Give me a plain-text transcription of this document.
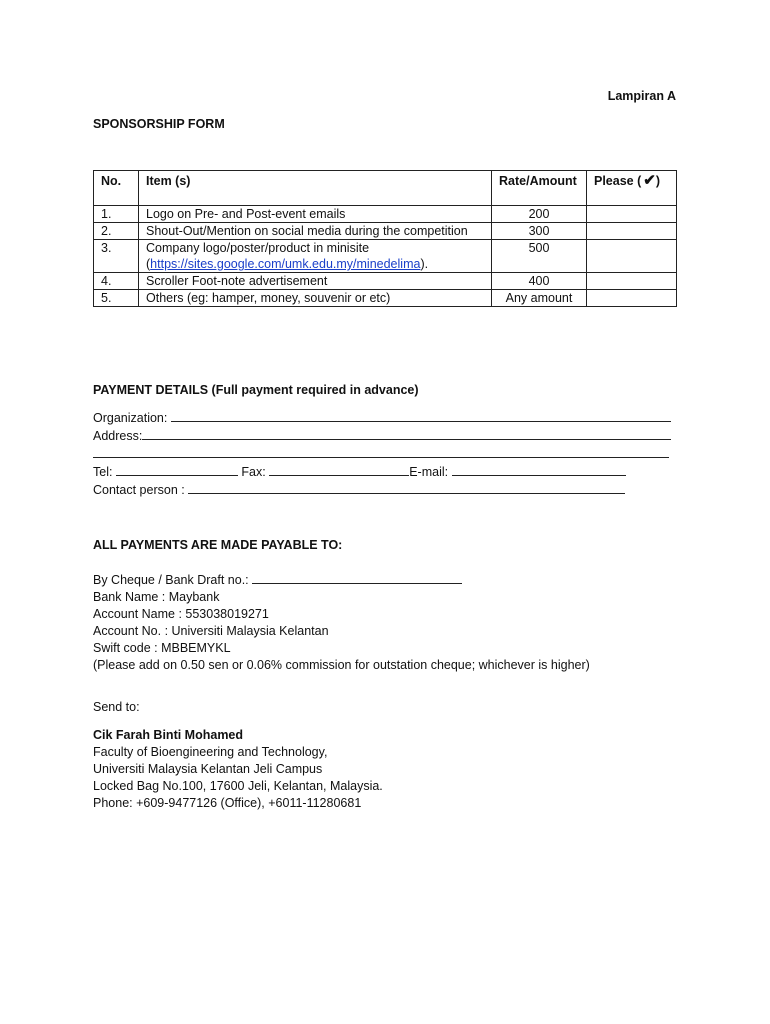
Lampiran A
SPONSORSHIP FORM
No.	Item (s)	Rate/Amount	Please ( ✔)
1.	Logo on Pre- and Post-event emails	200	
2.	Shout-Out/Mention on social media during the competition	300	
3.	Company logo/poster/product in minisite (https://sites.google.com/umk.edu.my/minedelima).	500	
4.	Scroller Foot-note advertisement	400	
5.	Others (eg: hamper, money, souvenir or etc)	Any amount	
PAYMENT DETAILS (Full payment required in advance)
Organization:
Address:
Tel:	Fax:	E-mail:
Contact person :
ALL PAYMENTS ARE MADE PAYABLE TO:
By Cheque / Bank Draft no.:
Bank Name : Maybank
Account Name : 553038019271
Account No. : Universiti Malaysia Kelantan
Swift code : MBBEMYKL
(Please add on 0.50 sen or 0.06% commission for outstation cheque; whichever is higher)
Send to:
Cik Farah Binti Mohamed
Faculty of Bioengineering and Technology,
Universiti Malaysia Kelantan Jeli Campus
Locked Bag No.100, 17600 Jeli, Kelantan, Malaysia.
Phone: +609-9477126 (Office), +6011-11280681
